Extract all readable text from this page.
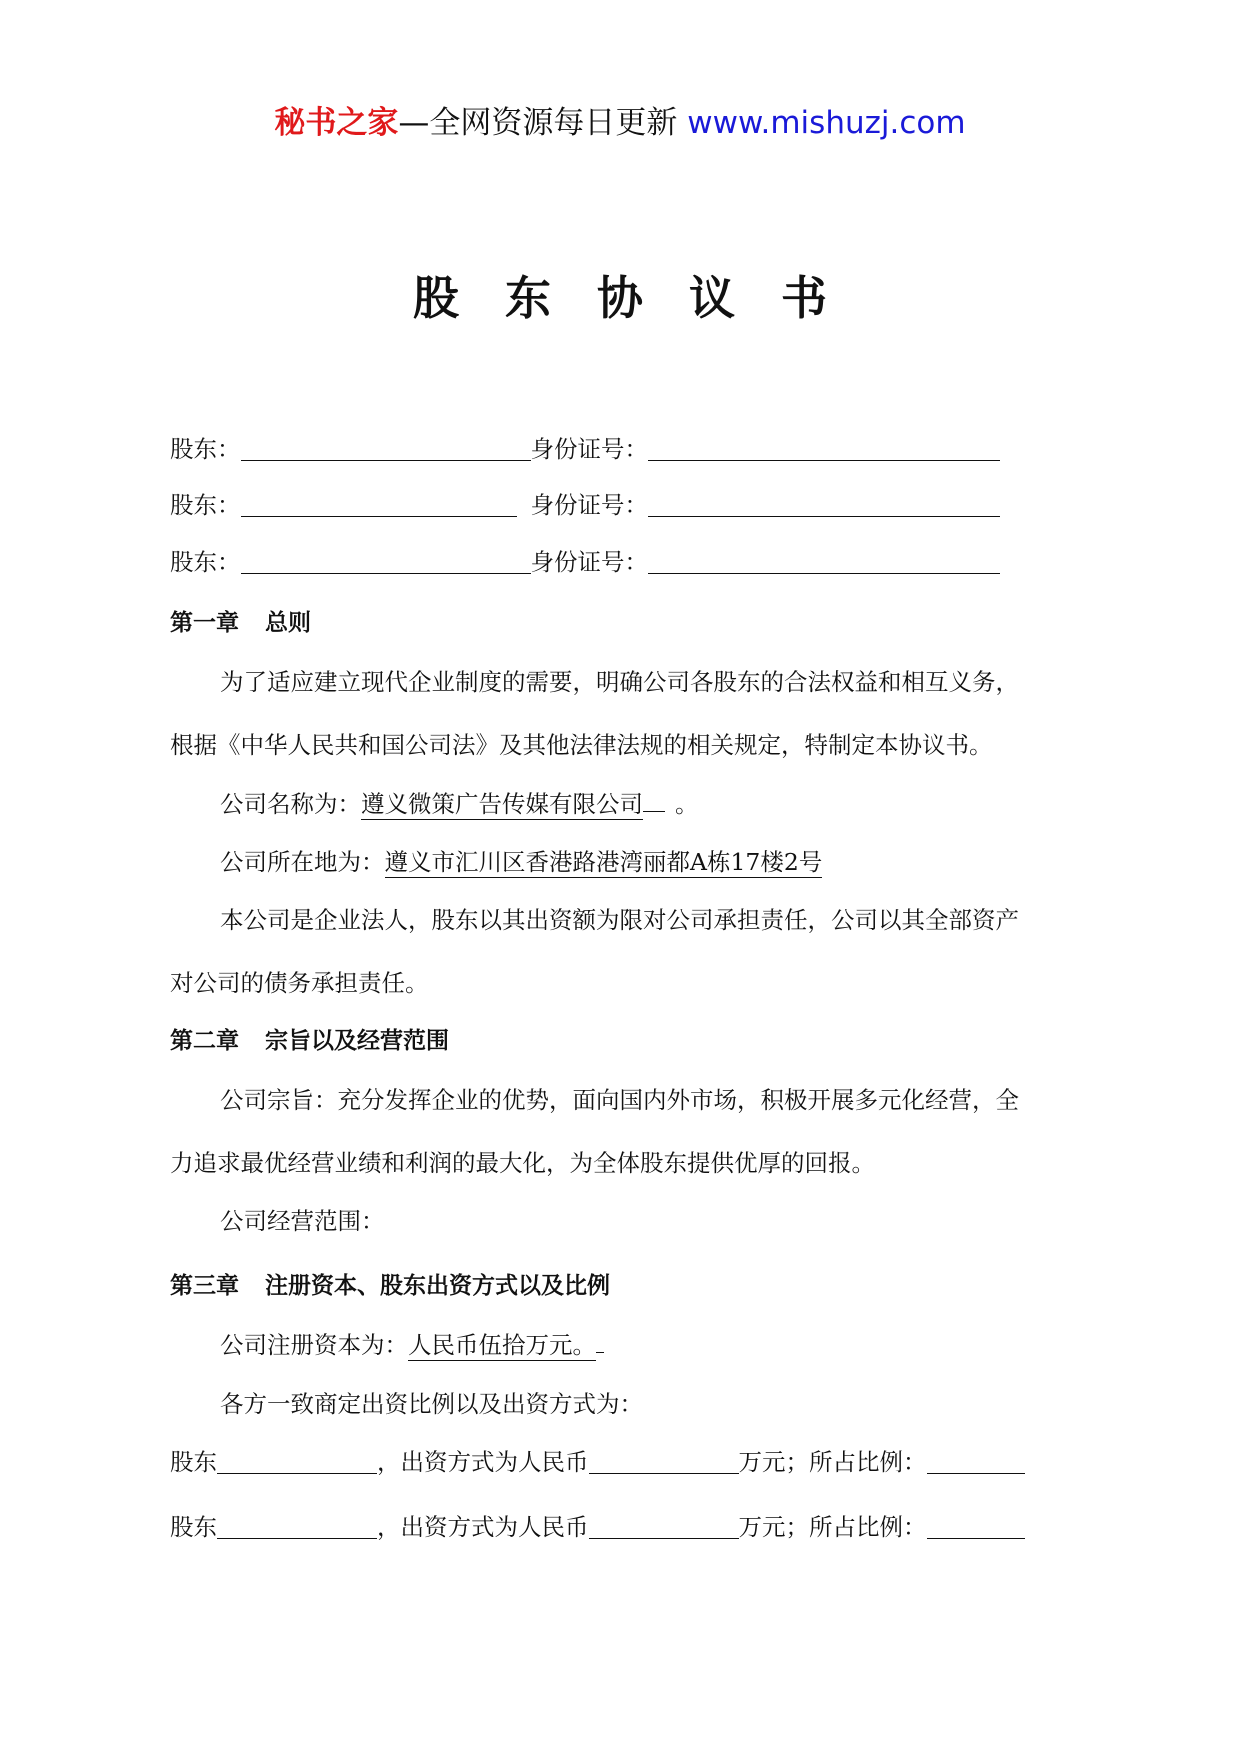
秘书之家—全网资源每日更新 www.mishuzj.com
股东协议书
股东：	身份证号：
股东：	身份证号：
股东：	身份证号：
第一章 总则
为了适应建立现代企业制度的需要，明确公司各股东的合法权益和相互义务，
根据《中华人民共和国公司法》及其他法律法规的相关规定，特制定本协议书。
公司名称为：遵义微策广告传媒有限公司 。
公司所在地为：遵义市汇川区香港路港湾丽都A栋17楼2号
本公司是企业法人，股东以其出资额为限对公司承担责任，公司以其全部资产
对公司的债务承担责任。
第二章 宗旨以及经营范围
公司宗旨：充分发挥企业的优势，面向国内外市场，积极开展多元化经营，全
力追求最优经营业绩和利润的最大化，为全体股东提供优厚的回报。
公司经营范围：
第三章 注册资本、股东出资方式以及比例
公司注册资本为：人民币伍拾万元。
各方一致商定出资比例以及出资方式为：
股东	，出资方式为人民币	万元；所占比例：
股东	，出资方式为人民币	万元；所占比例：
